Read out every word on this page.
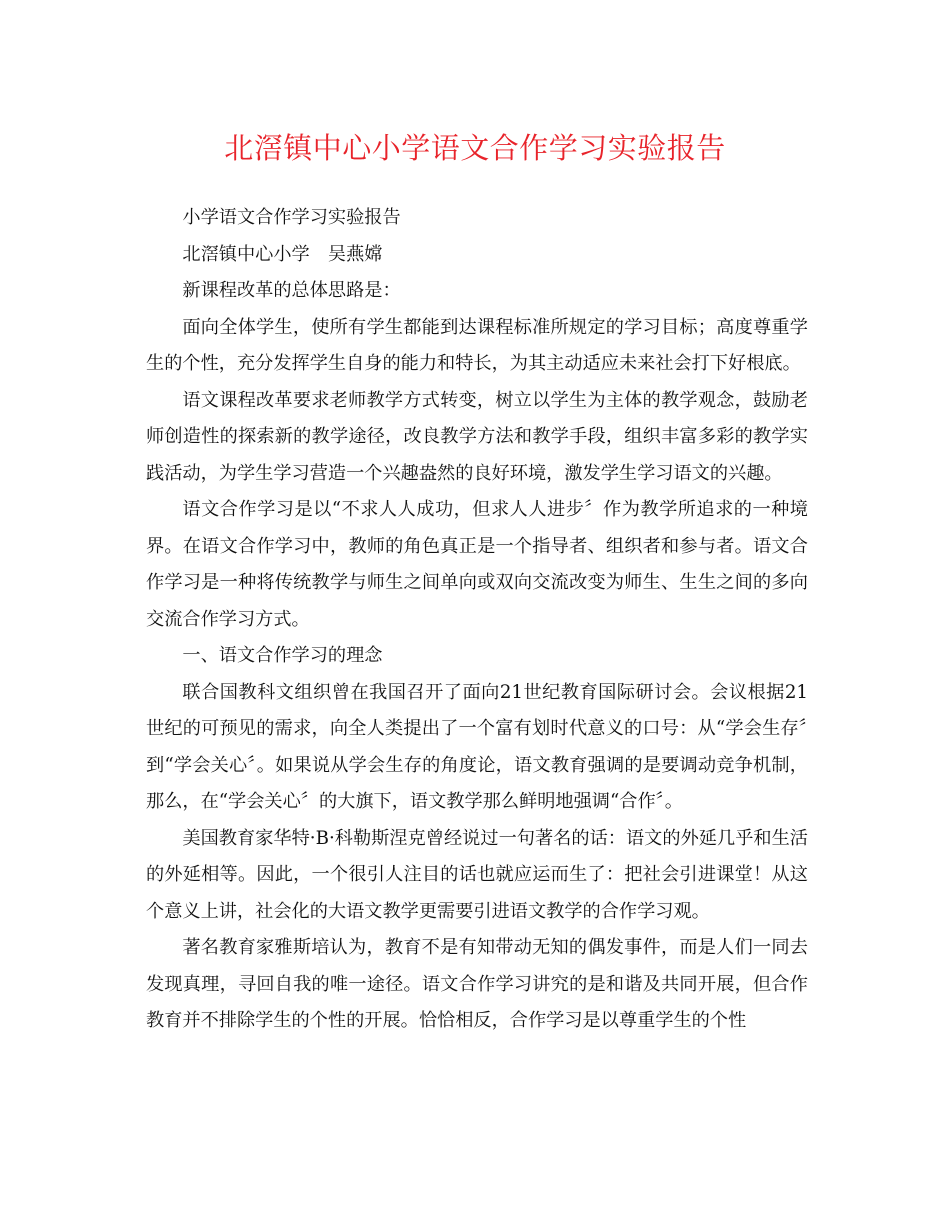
北滘镇中心小学语文合作学习实验报告

小学语文合作学习实验报告

北滘镇中心小学　吴燕嫦

新课程改革的总体思路是：

面向全体学生，使所有学生都能到达课程标准所规定的学习目标；高度尊重学生的个性，充分发挥学生自身的能力和特长，为其主动适应未来社会打下好根底。

语文课程改革要求老师教学方式转变，树立以学生为主体的教学观念，鼓励老师创造性的探索新的教学途径，改良教学方法和教学手段，组织丰富多彩的教学实践活动，为学生学习营造一个兴趣盎然的良好环境，激发学生学习语文的兴趣。

语文合作学习是以“不求人人成功，但求人人进步〞作为教学所追求的一种境界。在语文合作学习中，教师的角色真正是一个指导者、组织者和参与者。语文合作学习是一种将传统教学与师生之间单向或双向交流改变为师生、生生之间的多向交流合作学习方式。

一、语文合作学习的理念

联合国教科文组织曾在我国召开了面向21世纪教育国际研讨会。会议根据21世纪的可预见的需求，向全人类提出了一个富有划时代意义的口号：从“学会生存〞到“学会关心〞。如果说从学会生存的角度论，语文教育强调的是要调动竞争机制，那么，在“学会关心〞的大旗下，语文教学那么鲜明地强调“合作〞。

美国教育家华特·B·科勒斯涅克曾经说过一句著名的话：语文的外延几乎和生活的外延相等。因此，一个很引人注目的话也就应运而生了：把社会引进课堂！从这个意义上讲，社会化的大语文教学更需要引进语文教学的合作学习观。

著名教育家雅斯培认为，教育不是有知带动无知的偶发事件，而是人们一同去发现真理，寻回自我的唯一途径。语文合作学习讲究的是和谐及共同开展，但合作教育并不排除学生的个性的开展。恰恰相反，合作学习是以尊重学生的个性
